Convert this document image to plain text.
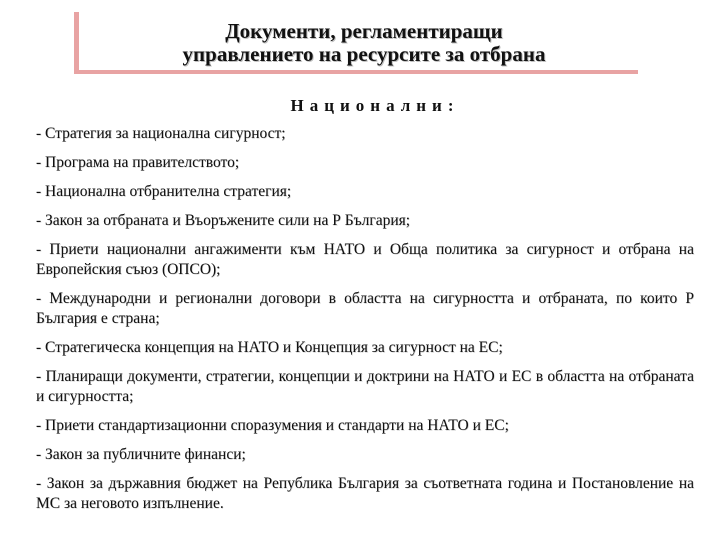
Документи, регламентиращи
управлението на ресурсите за отбрана
Национални:
- Стратегия за национална сигурност;
- Програма на правителството;
- Национална отбранителна стратегия;
- Закон за отбраната и Въоръжените сили на Р България;
- Приети национални ангажименти към НАТО и Обща политика за сигурност и отбрана на Европейския съюз (ОПСО);
- Международни и регионални договори в областта на сигурността и отбраната, по които Р България е страна;
- Стратегическа концепция на НАТО и Концепция за сигурност на ЕС;
- Планиращи документи, стратегии, концепции и доктрини на НАТО и ЕС в областта на отбраната и сигурността;
- Приети стандартизационни споразумения и стандарти на НАТО и ЕС;
- Закон за публичните финанси;
- Закон за държавния бюджет на Република България за съответната година и Постановление на МС за неговото изпълнение.
